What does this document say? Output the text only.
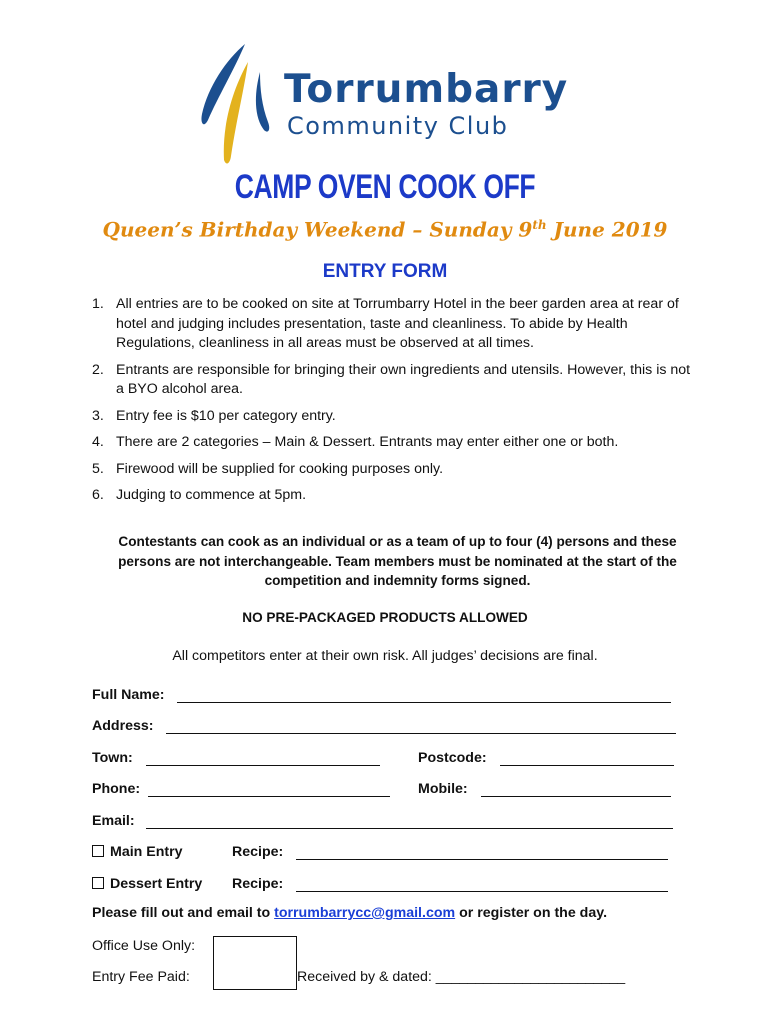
Torrumbarry
Community Club
CAMP OVEN COOK OFF
Queen’s Birthday Weekend – Sunday 9th June 2019
ENTRY FORM
1. All entries are to be cooked on site at Torrumbarry Hotel in the beer garden area at rear of hotel and judging includes presentation, taste and cleanliness. To abide by Health Regulations, cleanliness in all areas must be observed at all times.
2. Entrants are responsible for bringing their own ingredients and utensils. However, this is not a BYO alcohol area.
3. Entry fee is $10 per category entry.
4. There are 2 categories – Main & Dessert. Entrants may enter either one or both.
5. Firewood will be supplied for cooking purposes only.
6. Judging to commence at 5pm.
Contestants can cook as an individual or as a team of up to four (4) persons and these persons are not interchangeable. Team members must be nominated at the start of the competition and indemnity forms signed.
NO PRE-PACKAGED PRODUCTS ALLOWED
All competitors enter at their own risk. All judges’ decisions are final.
Full Name:
Address:
Town:	Postcode:
Phone:	Mobile:
Email:
Main Entry	Recipe:
Dessert Entry Recipe:
Please fill out and email to torrumbarrycc@gmail.com or register on the day.
Office Use Only:
Entry Fee Paid:	Received by & dated: ________________________
